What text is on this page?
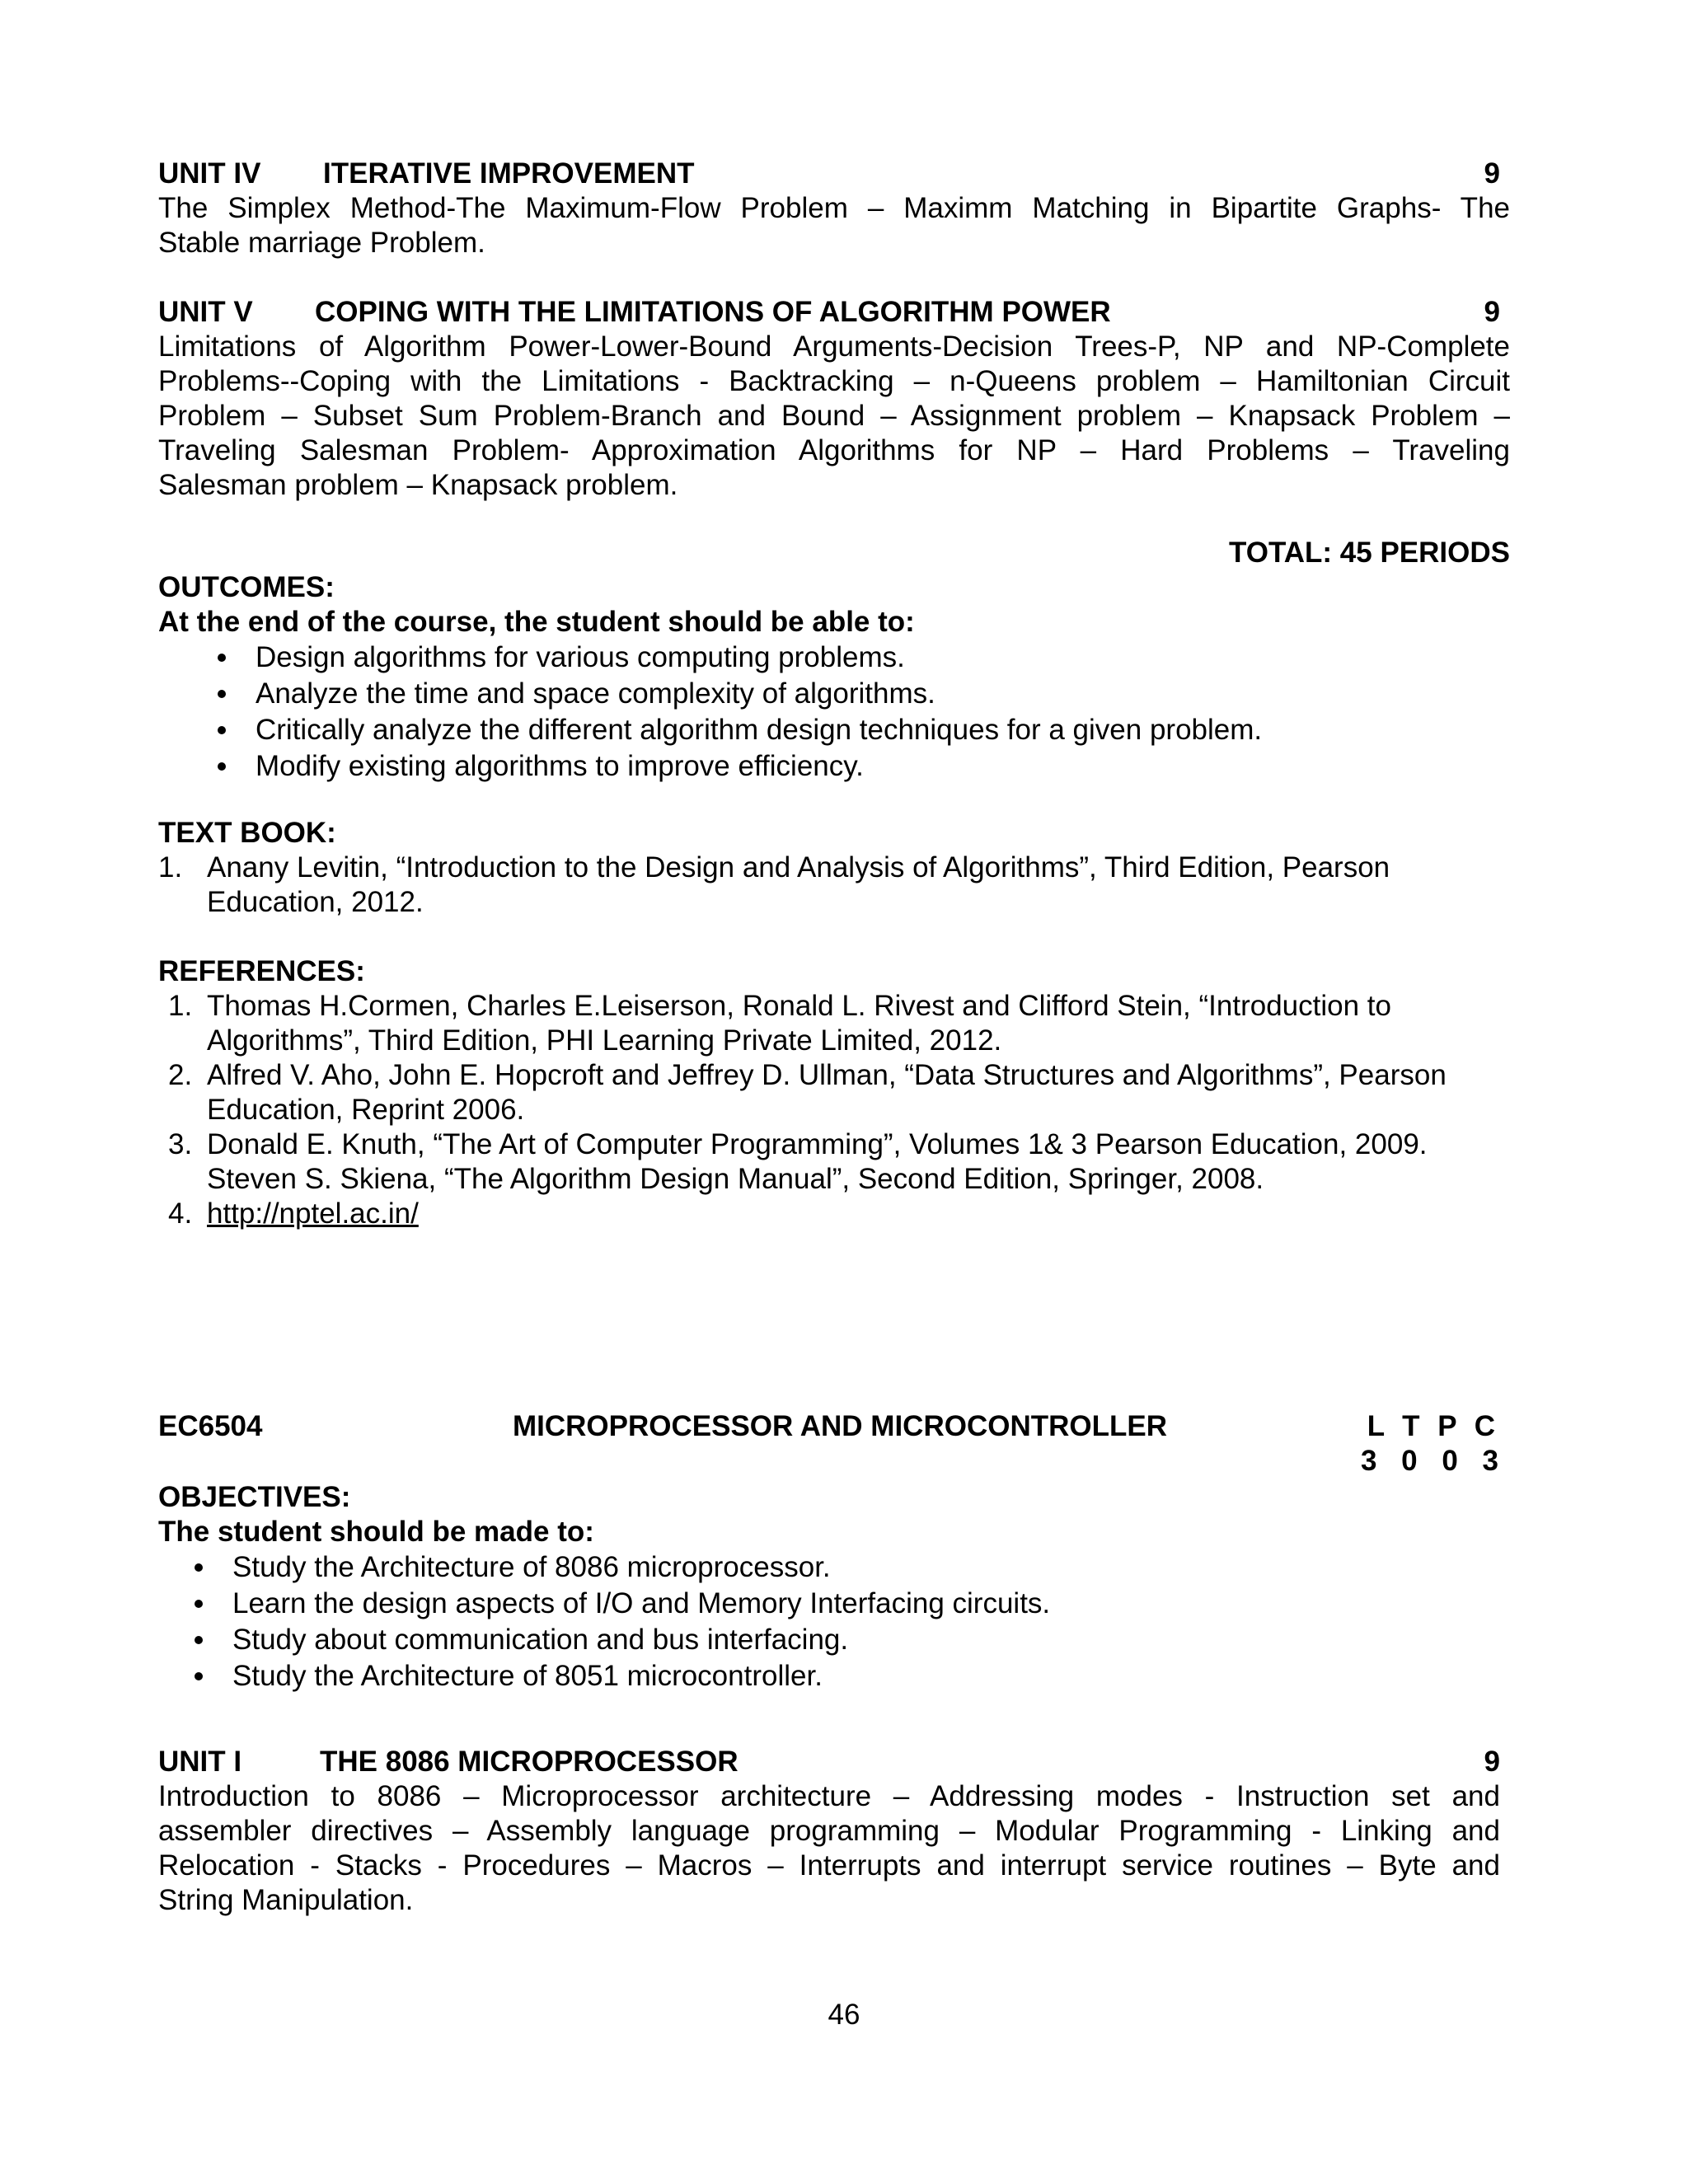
UNIT IV ITERATIVE IMPROVEMENT	9
The Simplex Method-The Maximum-Flow Problem – Maximm Matching in Bipartite Graphs- The
Stable marriage Problem.
UNIT V COPING WITH THE LIMITATIONS OF ALGORITHM POWER	9
Limitations of Algorithm Power-Lower-Bound Arguments-Decision Trees-P, NP and NP-Complete
Problems--Coping with the Limitations - Backtracking – n-Queens problem – Hamiltonian Circuit
Problem – Subset Sum Problem-Branch and Bound – Assignment problem – Knapsack Problem –
Traveling Salesman Problem- Approximation Algorithms for NP – Hard Problems – Traveling
Salesman problem – Knapsack problem.
TOTAL: 45 PERIODS
OUTCOMES:
At the end of the course, the student should be able to:
Design algorithms for various computing problems.
Analyze the time and space complexity of algorithms.
Critically analyze the different algorithm design techniques for a given problem.
Modify existing algorithms to improve efficiency.
TEXT BOOK:
1. Anany Levitin, “Introduction to the Design and Analysis of Algorithms”, Third Edition, Pearson
Education, 2012.
REFERENCES:
1. Thomas H.Cormen, Charles E.Leiserson, Ronald L. Rivest and Clifford Stein, “Introduction to
Algorithms”, Third Edition, PHI Learning Private Limited, 2012.
2. Alfred V. Aho, John E. Hopcroft and Jeffrey D. Ullman, “Data Structures and Algorithms”, Pearson
Education, Reprint 2006.
3. Donald E. Knuth, “The Art of Computer Programming”, Volumes 1& 3 Pearson Education, 2009.
Steven S. Skiena, “The Algorithm Design Manual”, Second Edition, Springer, 2008.
4. http://nptel.ac.in/
EC6504	MICROPROCESSOR AND MICROCONTROLLER	L T P C
3 0 0 3
OBJECTIVES:
The student should be made to:
Study the Architecture of 8086 microprocessor.
Learn the design aspects of I/O and Memory Interfacing circuits.
Study about communication and bus interfacing.
Study the Architecture of 8051 microcontroller.
UNIT I	THE 8086 MICROPROCESSOR	9
Introduction to 8086 – Microprocessor architecture – Addressing modes - Instruction set and
assembler directives – Assembly language programming – Modular Programming - Linking and
Relocation - Stacks - Procedures – Macros – Interrupts and interrupt service routines – Byte and
String Manipulation.
46
